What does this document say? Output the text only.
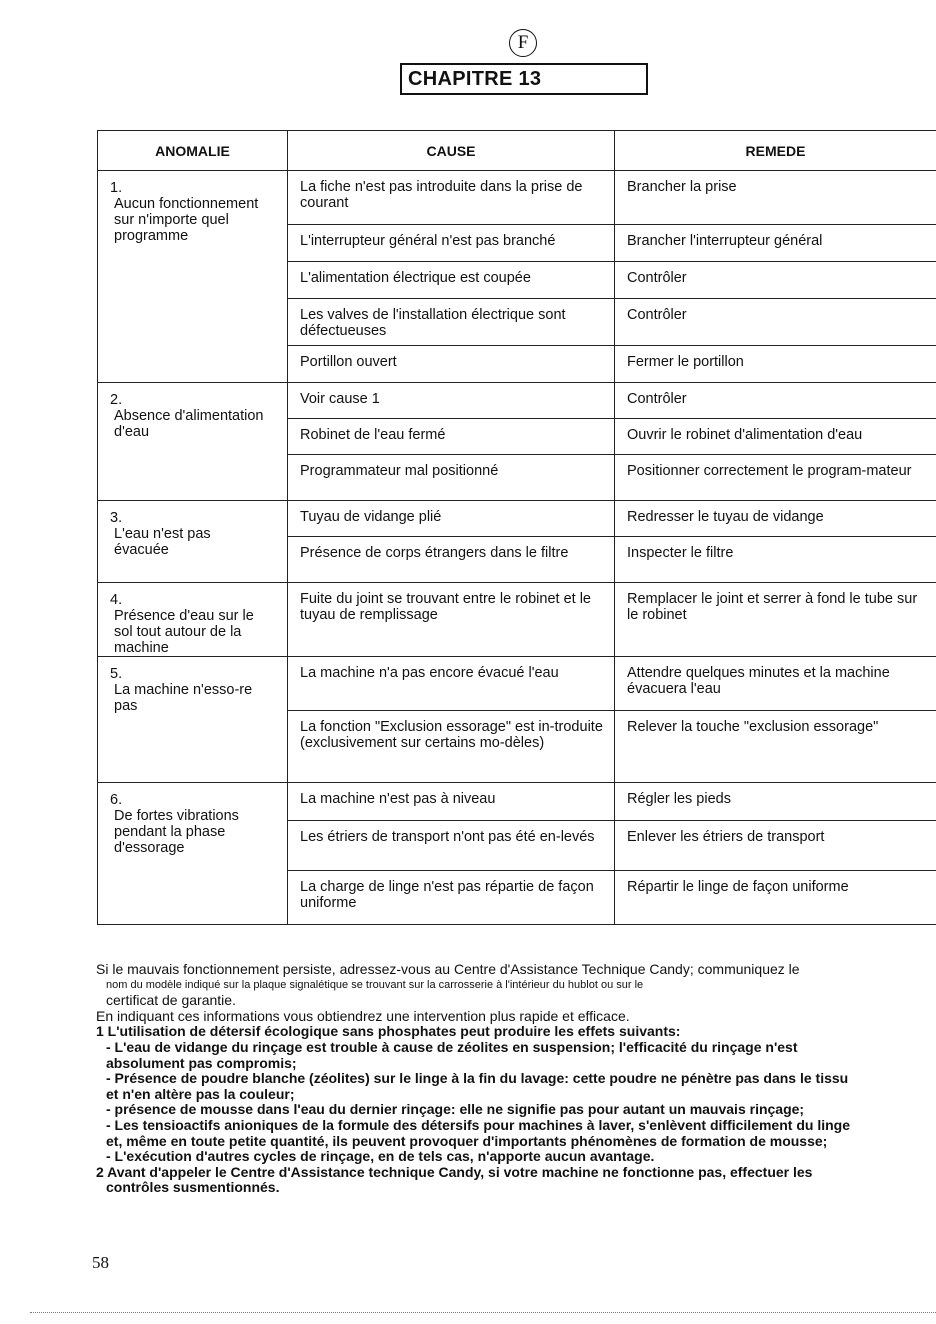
F
CHAPITRE 13
ANOMALIE	CAUSE	REMEDE
1.Aucun fonctionnement sur n'importe quel programme	La fiche n'est pas introduite dans la prise de courant	Brancher la prise
	L'interrupteur général n'est pas branché	Brancher l'interrupteur général
	L'alimentation électrique est coupée	Contrôler
	Les valves de l'installation électrique sont défectueuses	Contrôler
	Portillon ouvert	Fermer le portillon
2.Absence d'alimentation d'eau	Voir cause 1	Contrôler
	Robinet de l'eau fermé	Ouvrir le robinet d'alimentation d'eau
	Programmateur mal positionné	Positionner correctement le program-mateur
3.L'eau n'est pas évacuée	Tuyau de vidange plié	Redresser le tuyau de vidange
	Présence de corps étrangers dans le filtre	Inspecter le filtre
4.Présence d'eau sur le sol tout autour de la machine	Fuite du joint se trouvant entre le robinet et le tuyau de remplissage	Remplacer le joint et serrer à fond le tube sur le robinet
5.La machine n'esso-re pas	La machine n'a pas encore évacué l'eau	Attendre quelques minutes et la machine évacuera l'eau
	La fonction "Exclusion essorage" est in-troduite (exclusivement sur certains mo-dèles)	Relever la touche "exclusion essorage"
6.De fortes vibrations pendant la phase d'essorage	La machine n'est pas à niveau	Régler les pieds
	Les étriers de transport n'ont pas été en-levés	Enlever les étriers de transport
	La charge de linge n'est pas répartie de façon uniforme	Répartir le linge de façon uniforme

Si le mauvais fonctionnement persiste, adressez-vous au Centre d'Assistance Technique Candy; communiquez le

nom du modèle indiqué sur la plaque signalétique se trouvant sur la carrosserie à l'intérieur du hublot ou sur le

certificat de garantie.

En indiquant ces informations vous obtiendrez une intervention plus rapide et efficace.

1 L'utilisation de détersif écologique sans phosphates peut produire les effets suivants:

- L'eau de vidange du rinçage est trouble à cause de zéolites en suspension; l'efficacité du rinçage n'est

absolument pas compromis;

- Présence de poudre blanche (zéolites) sur le linge à la fin du lavage: cette poudre ne pénètre pas dans le tissu

et n'en altère pas la couleur;

- présence de mousse dans l'eau du dernier rinçage: elle ne signifie pas pour autant un mauvais rinçage;

- Les tensioactifs anioniques de la formule des détersifs pour machines à laver, s'enlèvent difficilement du linge

et, même en toute petite quantité, ils peuvent provoquer d'importants phénomènes de formation de mousse;

- L'exécution d'autres cycles de rinçage, en de tels cas, n'apporte aucun avantage.

2 Avant d'appeler le Centre d'Assistance technique Candy, si votre machine ne fonctionne pas, effectuer les

contrôles susmentionnés.

58
